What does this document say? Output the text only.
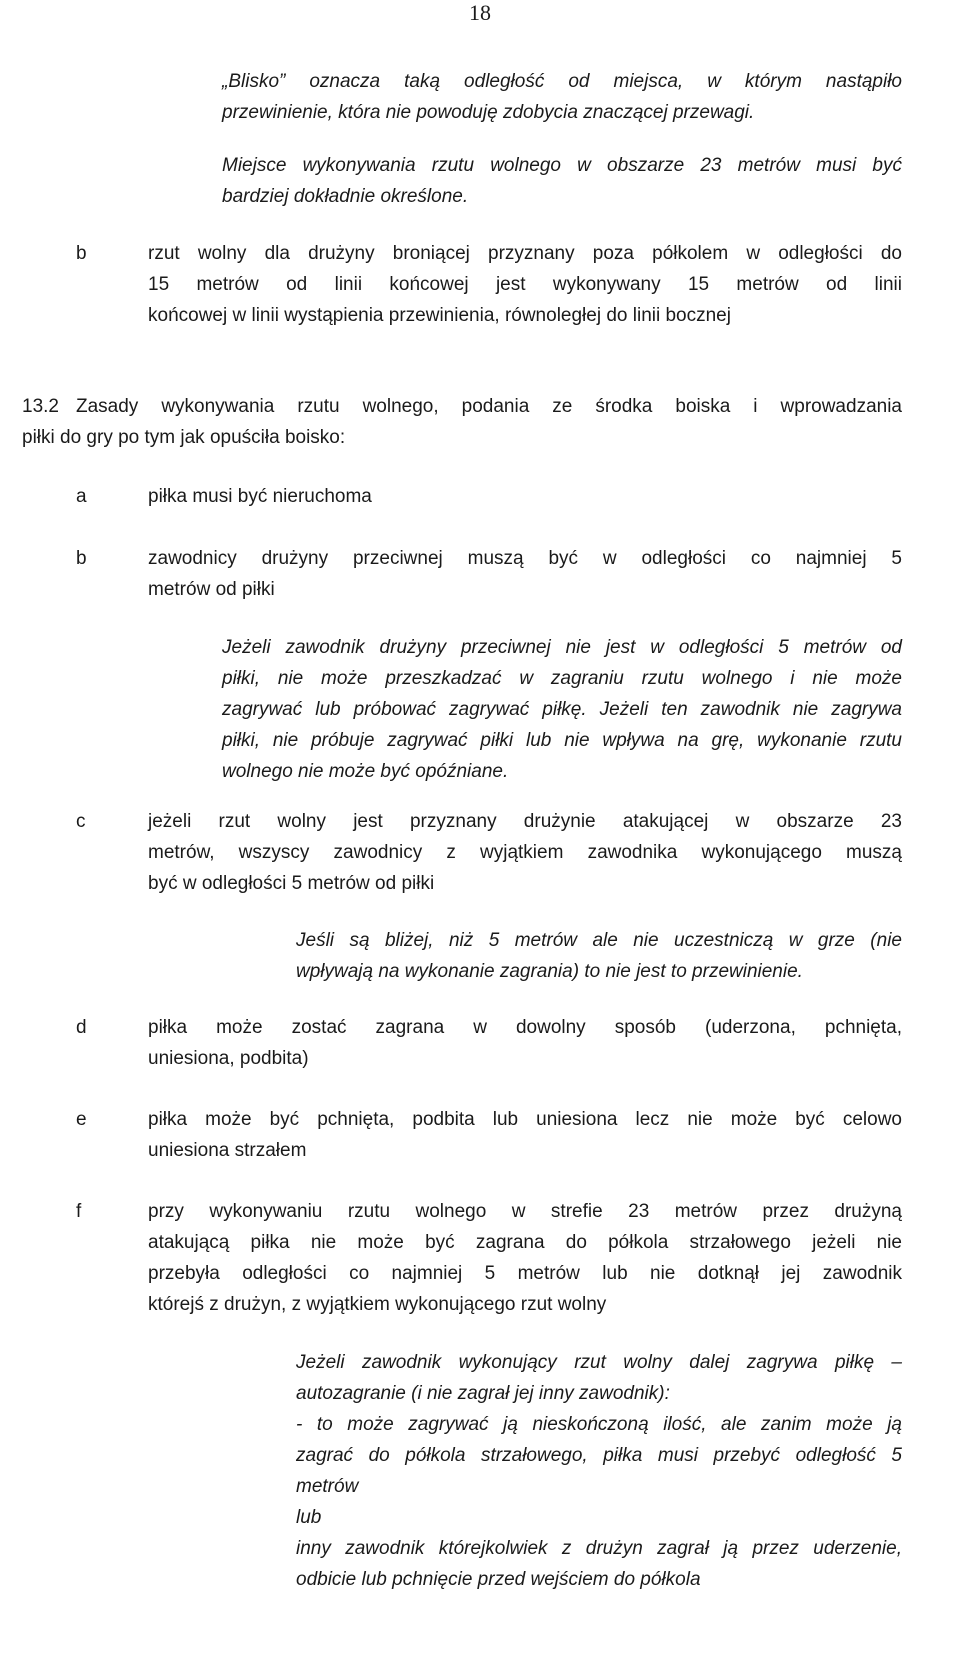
18

„Blisko” oznacza taką odległość od miejsca, w którym nastąpiło

przewinienie, która nie powoduję zdobycia znaczącej przewagi.

Miejsce wykonywania rzutu wolnego w obszarze 23 metrów musi być

bardziej dokładnie określone.

b	rzut wolny dla drużyny broniącej przyznany poza półkolem w odległości do

15 metrów od linii końcowej jest wykonywany 15 metrów od linii

końcowej w linii wystąpienia przewinienia, równoległej do linii bocznej

13.2 Zasady wykonywania rzutu wolnego, podania ze środka boiska i wprowadzania

piłki do gry po tym jak opuściła boisko:

a	piłka musi być nieruchoma

b	zawodnicy drużyny przeciwnej muszą być w odległości co najmniej 5

metrów od piłki

Jeżeli zawodnik drużyny przeciwnej nie jest w odległości 5 metrów od

piłki, nie może przeszkadzać w zagraniu rzutu wolnego i nie może

zagrywać lub próbować zagrywać piłkę. Jeżeli ten zawodnik nie zagrywa

piłki, nie próbuje zagrywać piłki lub nie wpływa na grę, wykonanie rzutu

wolnego nie może być opóźniane.

c	jeżeli rzut wolny jest przyznany drużynie atakującej w obszarze 23

metrów, wszyscy zawodnicy z wyjątkiem zawodnika wykonującego muszą

być w odległości 5 metrów od piłki

Jeśli są bliżej, niż 5 metrów ale nie uczestniczą w grze (nie

wpływają na wykonanie zagrania) to nie jest to przewinienie.

d	piłka może zostać zagrana w dowolny sposób (uderzona, pchnięta,

uniesiona, podbita)

e	piłka może być pchnięta, podbita lub uniesiona lecz nie może być celowo

uniesiona strzałem

f	przy wykonywaniu rzutu wolnego w strefie 23 metrów przez drużyną

atakującą piłka nie może być zagrana do półkola strzałowego jeżeli nie

przebyła odległości co najmniej 5 metrów lub nie dotknął jej zawodnik

którejś z drużyn, z wyjątkiem wykonującego rzut wolny

Jeżeli zawodnik wykonujący rzut wolny dalej zagrywa piłkę –

autozagranie (i nie zagrał jej inny zawodnik):

- to może zagrywać ją nieskończoną ilość, ale zanim może ją

zagrać do półkola strzałowego, piłka musi przebyć odległość 5

metrów

lub

inny zawodnik którejkolwiek z drużyn zagrał ją przez uderzenie,

odbicie lub pchnięcie przed wejściem do półkola
